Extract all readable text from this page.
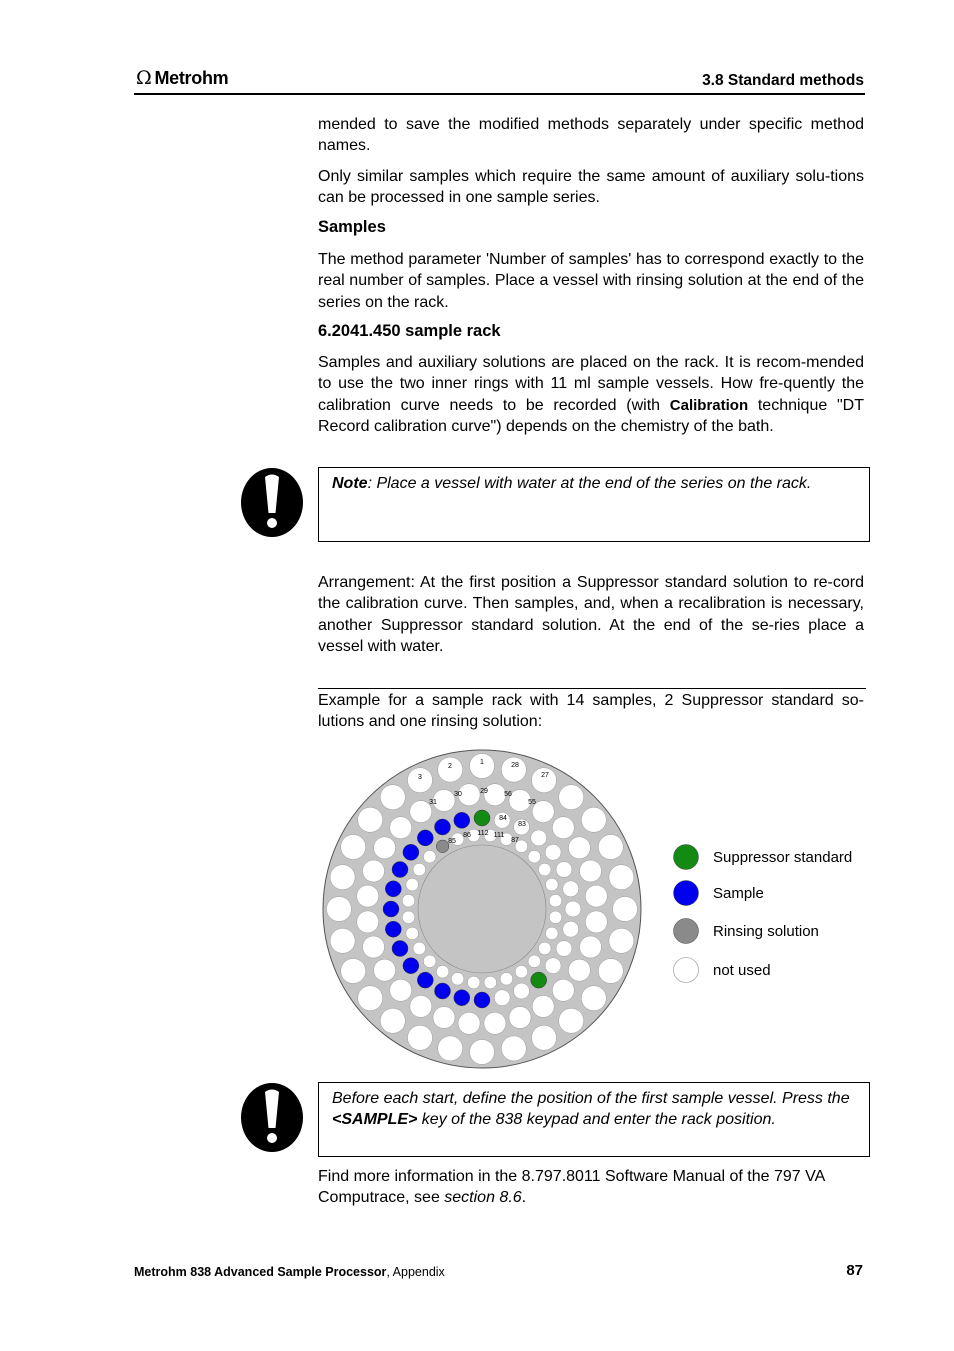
Ω Metrohm	3.8 Standard methods
mended to save the modified methods separately under specific method names.
Only similar samples which require the same amount of auxiliary solu-tions can be processed in one sample series.
Samples
The method parameter 'Number of samples' has to correspond exactly to the real number of samples. Place a vessel with rinsing solution at the end of the series on the rack.
6.2041.450 sample rack
Samples and auxiliary solutions are placed on the rack. It is recom-mended to use the two inner rings with 11 ml sample vessels. How fre-quently the calibration curve needs to be recorded (with Calibration technique "DT Record calibration curve") depends on the chemistry of the bath.
Note: Place a vessel with water at the end of the series on the rack.
Arrangement: At the first position a Suppressor standard solution to re-cord the calibration curve. Then samples, and, when a recalibration is necessary, another Suppressor standard solution. At the end of the se-ries place a vessel with water.
Example for a sample rack with 14 samples, 2 Suppressor standard so-lutions and one rinsing solution:
3
2
1	28
27
31
30	29 56
55
84
83
86
85
112 111
87
Suppressor standard
Sample
Rinsing solution
not used
Before each start, define the position of the first sample vessel. Press the <SAMPLE> key of the 838 keypad and enter the rack position.
Find more information in the 8.797.8011 Software Manual of the 797 VA Computrace, see section 8.6.
Metrohm 838 Advanced Sample Processor, Appendix	87
